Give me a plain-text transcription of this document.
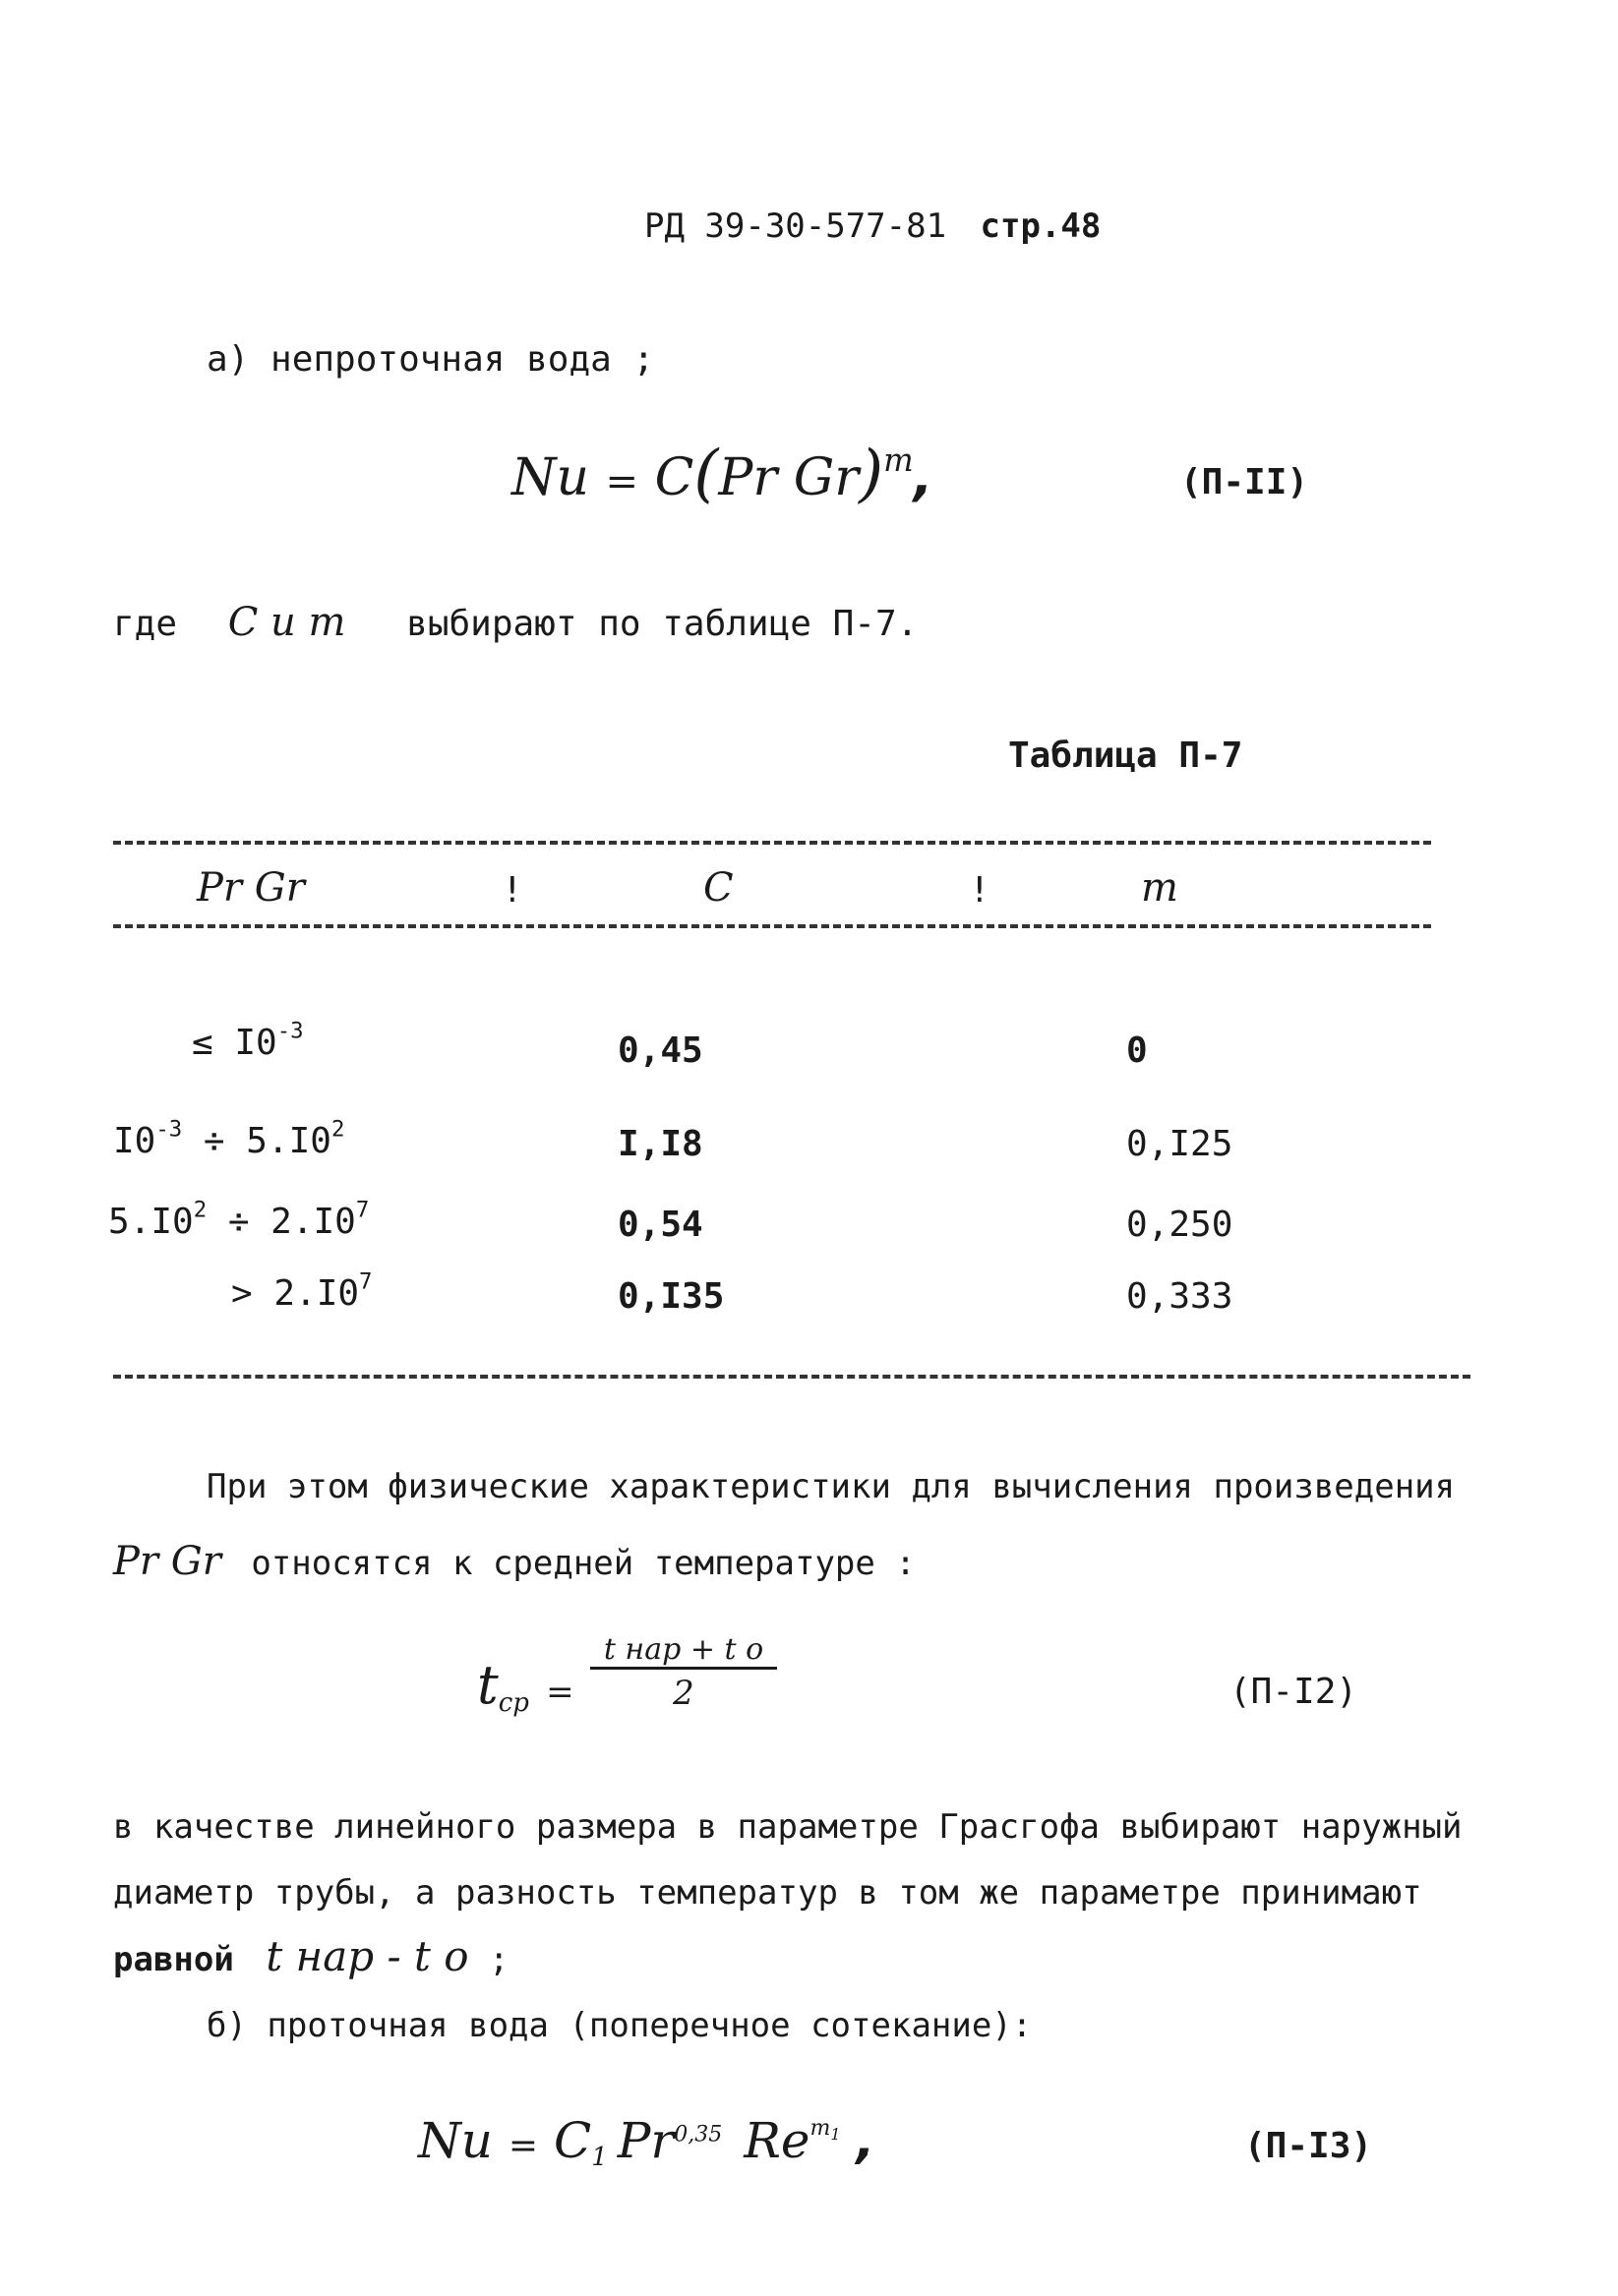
РД 39-30-577-81 стр.48
а) непроточная вода ;
Nu = C(Pr Gr)$^m$,	(П-II)
где C и m выбирают по таблице П-7.
Таблица П-7
Pr Gr	!	C	!	m
≤ $I0^{-3}$	0,45	0
$I0^{-3} \div 5.I0^2$	I,I8	0,I25
$5.I0^2 \div 2.I0^7$	0,54	0,250
> $2.I0^7$	0,I35	0,333
При этом физические характеристики для вычисления произведения
Pr Gr относятся к средней температуре :
$t_{ср}$ =
t нар + t о
2	(П-I2)
в качестве линейного размера в параметре Грасгофа выбирают наружный
диаметр трубы, а разность температур в том же параметре принимают
равной t нар - t о ;
б) проточная вода (поперечное сотекание):
$Nu = C_1$ Pr$^{0,35}$ $Re^{m_1}$ ,	(П-I3)
